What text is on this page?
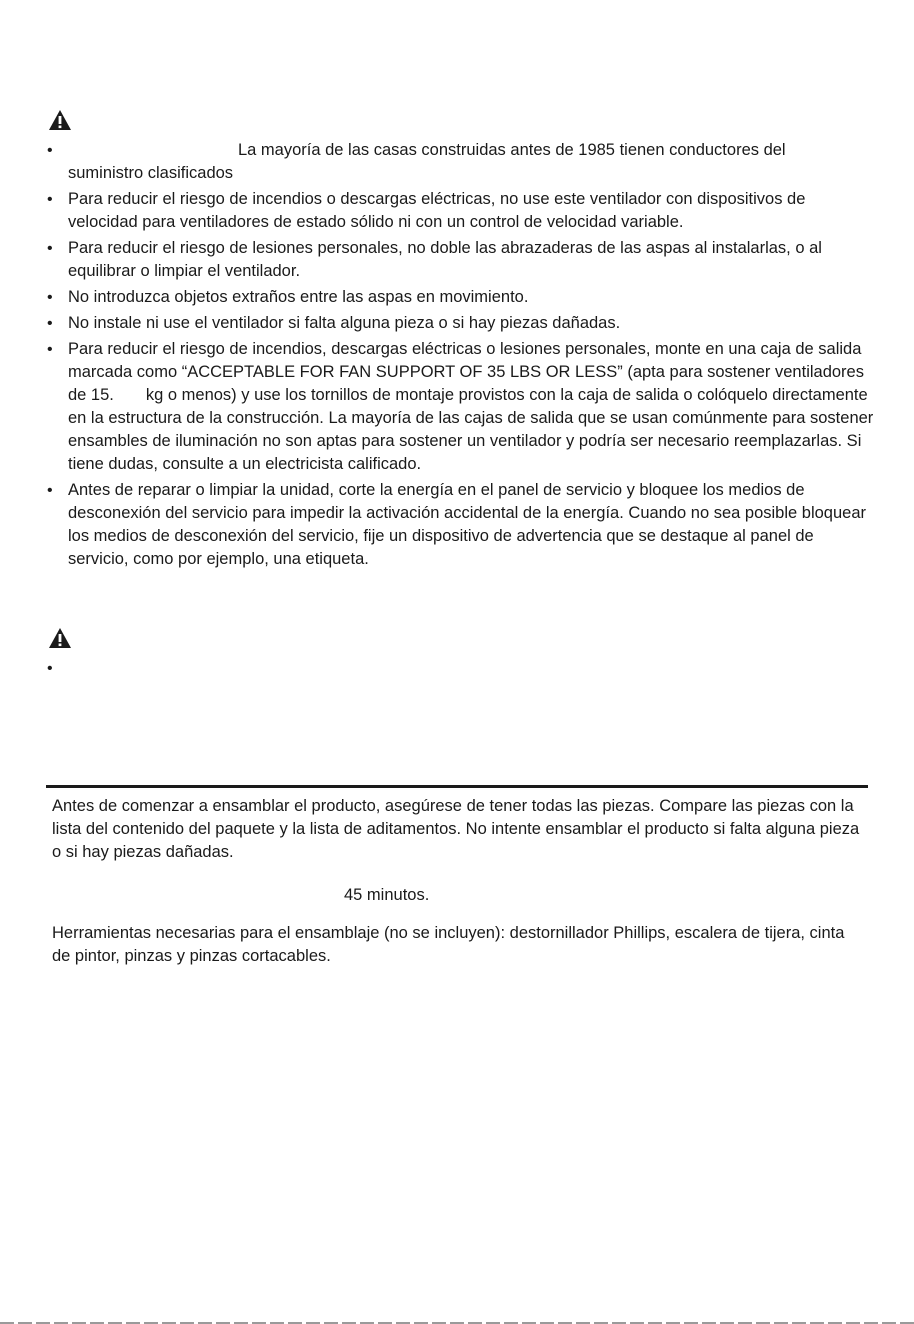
•	La mayoría de las casas construidas antes de 1985 tienen conductores del
suministro clasificados
• Para reducir el riesgo de incendios o descargas eléctricas, no use este ventilador con dispositivos de velocidad para ventiladores de estado sólido ni con un control de velocidad variable.
• Para reducir el riesgo de lesiones personales, no doble las abrazaderas de las aspas al instalarlas, o al equilibrar o limpiar el ventilador.
• No introduzca objetos extraños entre las aspas en movimiento.
• No instale ni use el ventilador si falta alguna pieza o si hay piezas dañadas.
• Para reducir el riesgo de incendios, descargas eléctricas o lesiones personales, monte en una caja de salida marcada como “ACCEPTABLE FOR FAN SUPPORT OF 35 LBS OR LESS” (apta para sostener ventiladores de 15. kg o menos) y use los tornillos de montaje provistos con la caja de salida o colóquelo directamente en la estructura de la construcción. La mayoría de las cajas de salida que se usan comúnmente para sostener ensambles de iluminación no son aptas para sostener un ventilador y podría ser necesario reemplazarlas. Si tiene dudas, consulte a un electricista calificado.
• Antes de reparar o limpiar la unidad, corte la energía en el panel de servicio y bloquee los medios de desconexión del servicio para impedir la activación accidental de la energía. Cuando no sea posible bloquear los medios de desconexión del servicio, fije un dispositivo de advertencia que se destaque al panel de servicio, como por ejemplo, una etiqueta.
•

Antes de comenzar a ensamblar el producto, asegúrese de tener todas las piezas. Compare las piezas con la lista del contenido del paquete y la lista de aditamentos. No intente ensamblar el producto si falta alguna pieza o si hay piezas dañadas.

45 minutos.

Herramientas necesarias para el ensamblaje (no se incluyen): destornillador Phillips, escalera de tijera, cinta de pintor, pinzas y pinzas cortacables.
